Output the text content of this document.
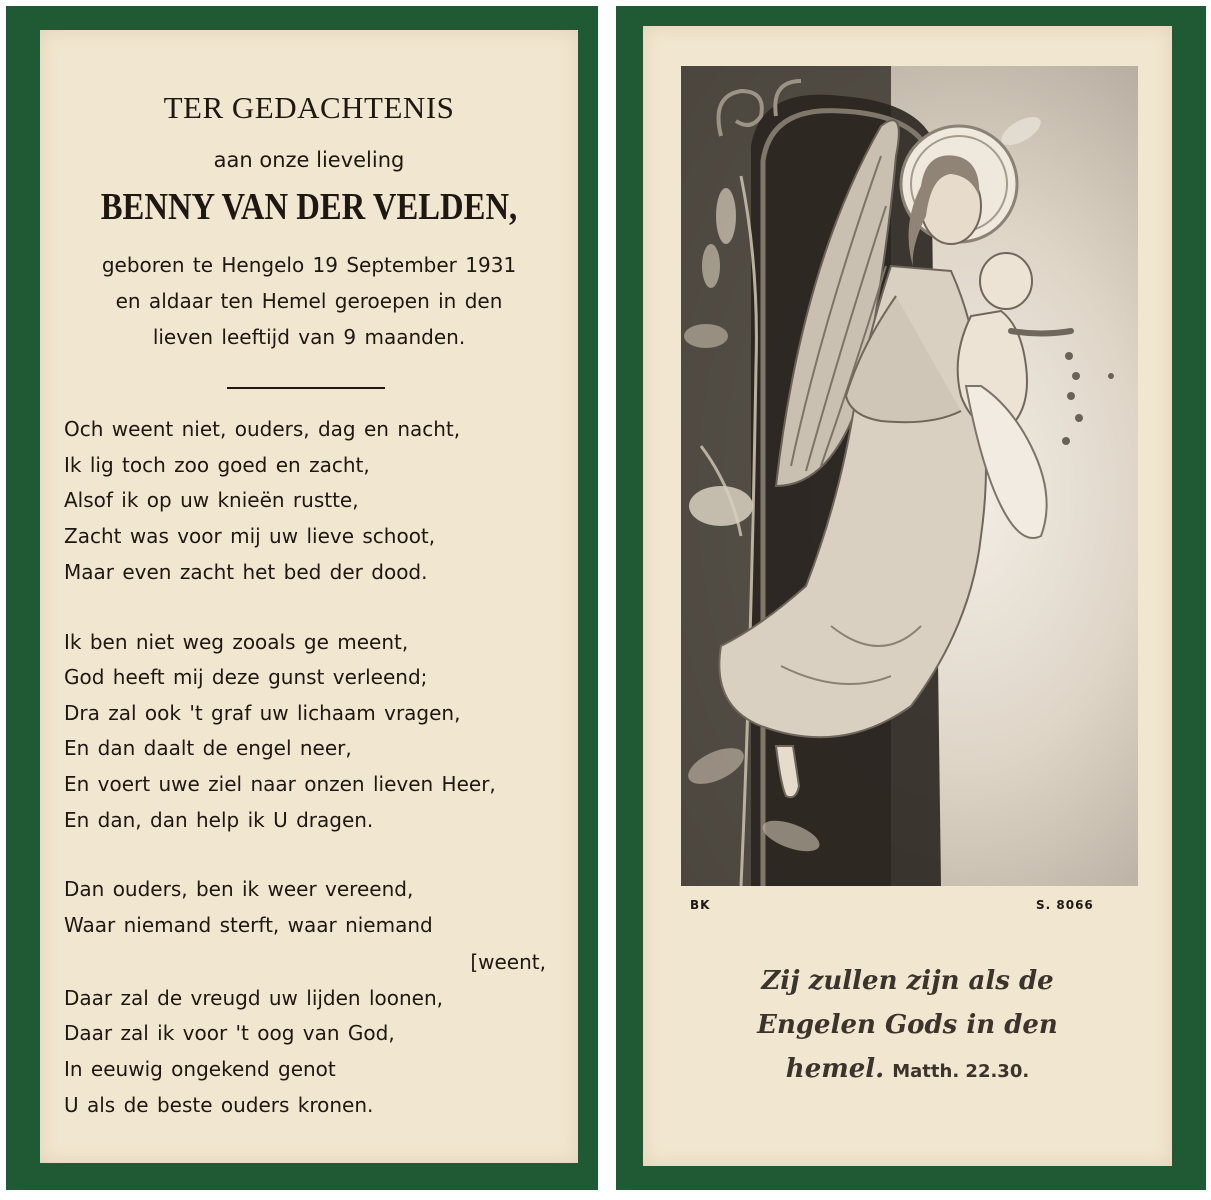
TER GEDACHTENIS
aan onze lieveling
BENNY VAN DER VELDEN,
geboren te Hengelo 19 September 1931
en aldaar ten Hemel geroepen in den
lieven leeftijd van 9 maanden.
Och weent niet, ouders, dag en nacht,
Ik lig toch zoo goed en zacht,
Alsof ik op uw knieën rustte,
Zacht was voor mij uw lieve schoot,
Maar even zacht het bed der dood.
Ik ben niet weg zooals ge meent,
God heeft mij deze gunst verleend;
Dra zal ook 't graf uw lichaam vragen,
En dan daalt de engel neer,
En voert uwe ziel naar onzen lieven Heer,
En dan, dan help ik U dragen.
Dan ouders, ben ik weer vereend,
Waar niemand sterft, waar niemand
[weent,
Daar zal de vreugd uw lijden loonen,
Daar zal ik voor 't oog van God,
In eeuwig ongekend genot
U als de beste ouders kronen.
BK	S. 8066
Zij zullen zijn als de
Engelen Gods in den
hemel. Matth. 22.30.
